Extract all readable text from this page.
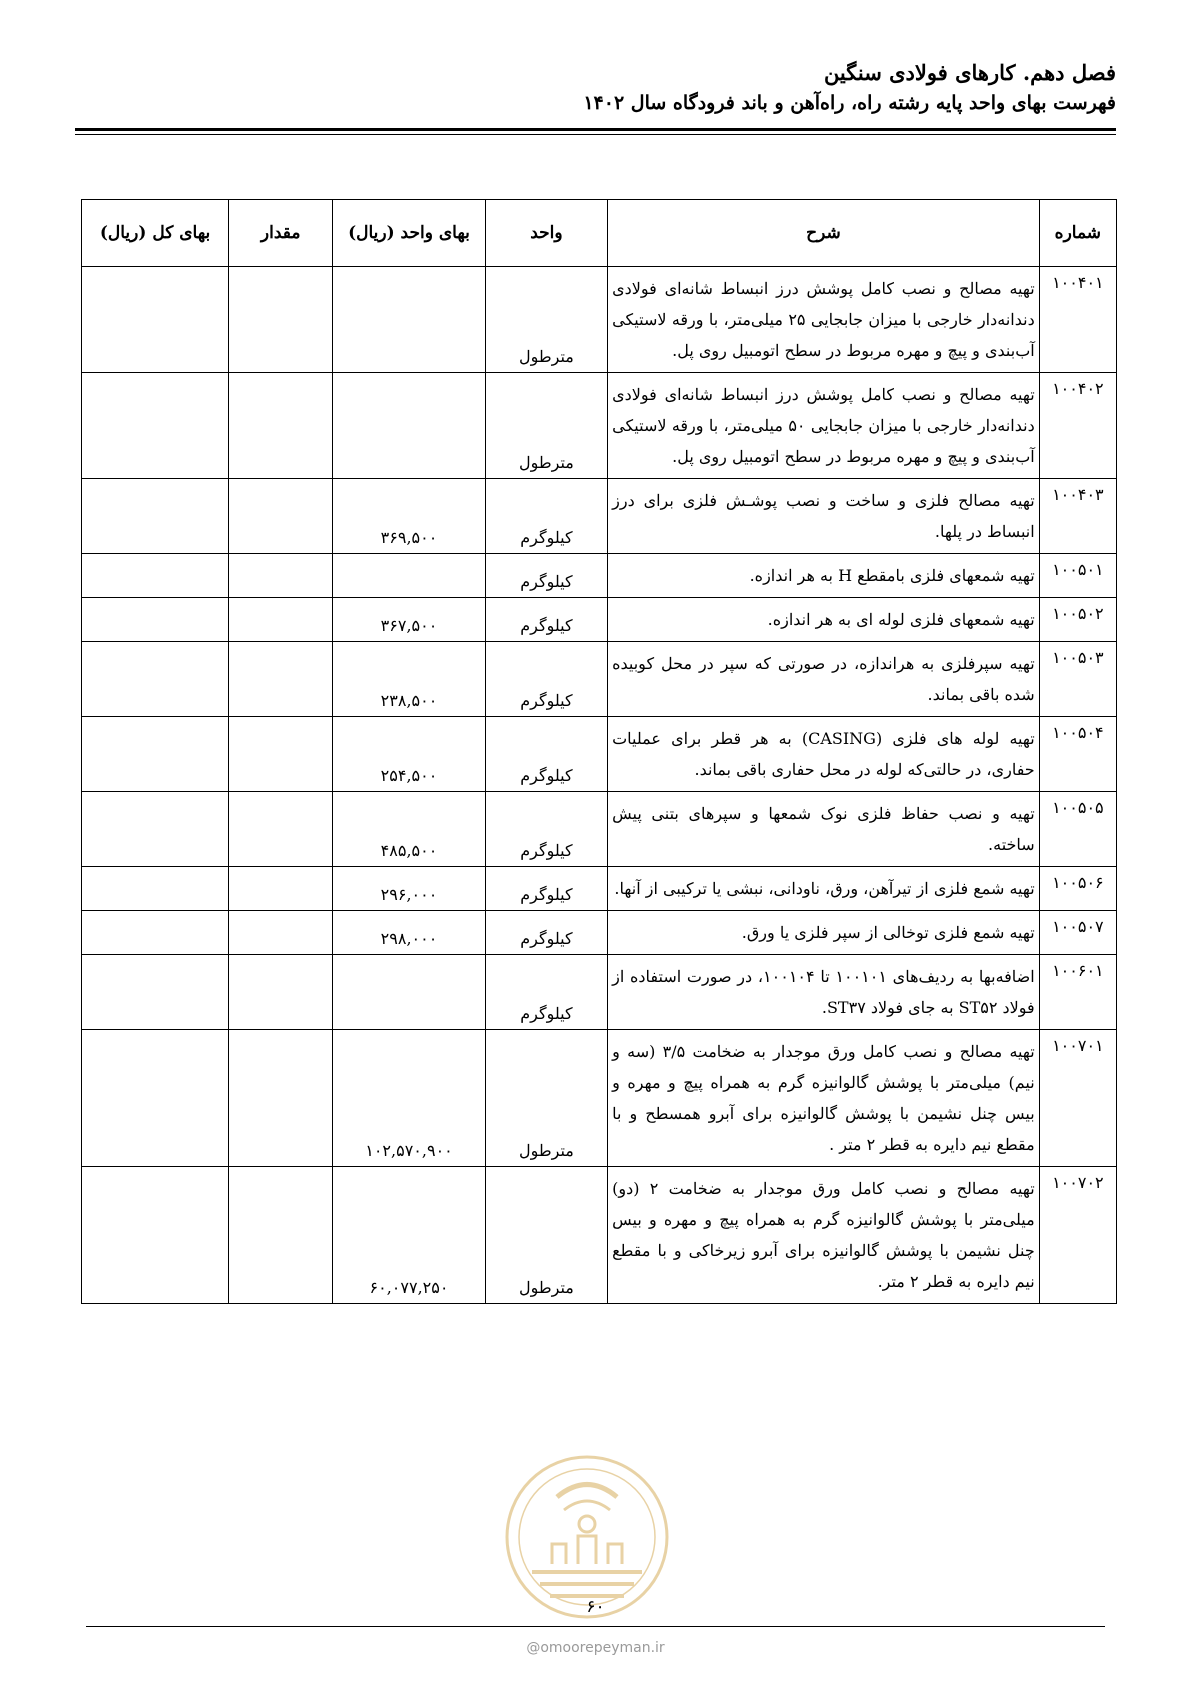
فصل دهم. کارهای فولادی سنگین
فهرست بهای واحد پایه رشته راه، راه‌آهن و باند فرودگاه سال ۱۴۰۲
شماره	شرح	واحد	بهای واحد (ریال)	مقدار	بهای کل (ریال)
۱۰۰۴۰۱	تهیه مصالح و نصب کامل پوشش درز انبساط شانه‌ای فولادی دندانه‌دار خارجی با میزان جابجایی ۲۵ میلی‌متر، با ورقه لاستیکی آب‌بندی و پیچ و مهره مربوط در سطح اتومبیل روی پل.	مترطول			
۱۰۰۴۰۲	تهیه مصالح و نصب کامل پوشش درز انبساط شانه‌ای فولادی دندانه‌دار خارجی با میزان جابجایی ۵۰ میلی‌متر، با ورقه لاستیکی آب‌بندی و پیچ و مهره مربوط در سطح اتومبیل روی پل.	مترطول			
۱۰۰۴۰۳	تهیه مصالح فلزی و ساخت و نصب پوشـش فلزی برای درز انبساط در پلها.	کیلوگرم	۳۶۹,۵۰۰		
۱۰۰۵۰۱	تهیه شمعهای فلزی بامقطع H به هر اندازه.	کیلوگرم			
۱۰۰۵۰۲	تهیه شمعهای فلزی لوله ای به هر اندازه.	کیلوگرم	۳۶۷,۵۰۰		
۱۰۰۵۰۳	تهیه سپرفلزی به هراندازه، در صورتی که سپر در محل کوبیده شده باقی بماند.	کیلوگرم	۲۳۸,۵۰۰		
۱۰۰۵۰۴	تهیه لوله های فلزی (CASING) به هر قطر برای عملیات حفاری، در حالتی‌که لوله در محل حفاری باقی بماند.	کیلوگرم	۲۵۴,۵۰۰		
۱۰۰۵۰۵	تهیه و نصب حفاظ فلزی نوک شمعها و سپرهای بتنی پیش ساخته.	کیلوگرم	۴۸۵,۵۰۰		
۱۰۰۵۰۶	تهیه شمع فلزی از تیرآهن، ورق، ناودانی، نبشی یا ترکیبی از آنها.	کیلوگرم	۲۹۶,۰۰۰		
۱۰۰۵۰۷	تهیه شمع فلزی توخالی از سپر فلزی یا ورق.	کیلوگرم	۲۹۸,۰۰۰		
۱۰۰۶۰۱	اضافه‌بها به ردیف‌های ۱۰۰۱۰۱ تا ۱۰۰۱۰۴، در صورت استفاده از فولاد ST۵۲ به جای فولاد ST۳۷.	کیلوگرم			
۱۰۰۷۰۱	تهیه مصالح و نصب کامل ورق موجدار به ضخامت ۳/۵ (سه و نیم) میلی‌متر با پوشش گالوانیزه گرم به همراه پیچ و مهره و بیس چنل نشیمن با پوشش گالوانیزه برای آبرو همسطح و با مقطع نیم دایره به قطر ۲ متر .	مترطول	۱۰۲,۵۷۰,۹۰۰		
۱۰۰۷۰۲	تهیه مصالح و نصب کامل ورق موجدار به ضخامت ۲ (دو) میلی‌متر با پوشش گالوانیزه گرم به همراه پیچ و مهره و بیس چنل نشیمن با پوشش گالوانیزه برای آبرو زیرخاکی و با مقطع نیم دایره به قطر ۲ متر.	مترطول	۶۰,۰۷۷,۲۵۰		
۶۰
@omoorepeyman.ir
